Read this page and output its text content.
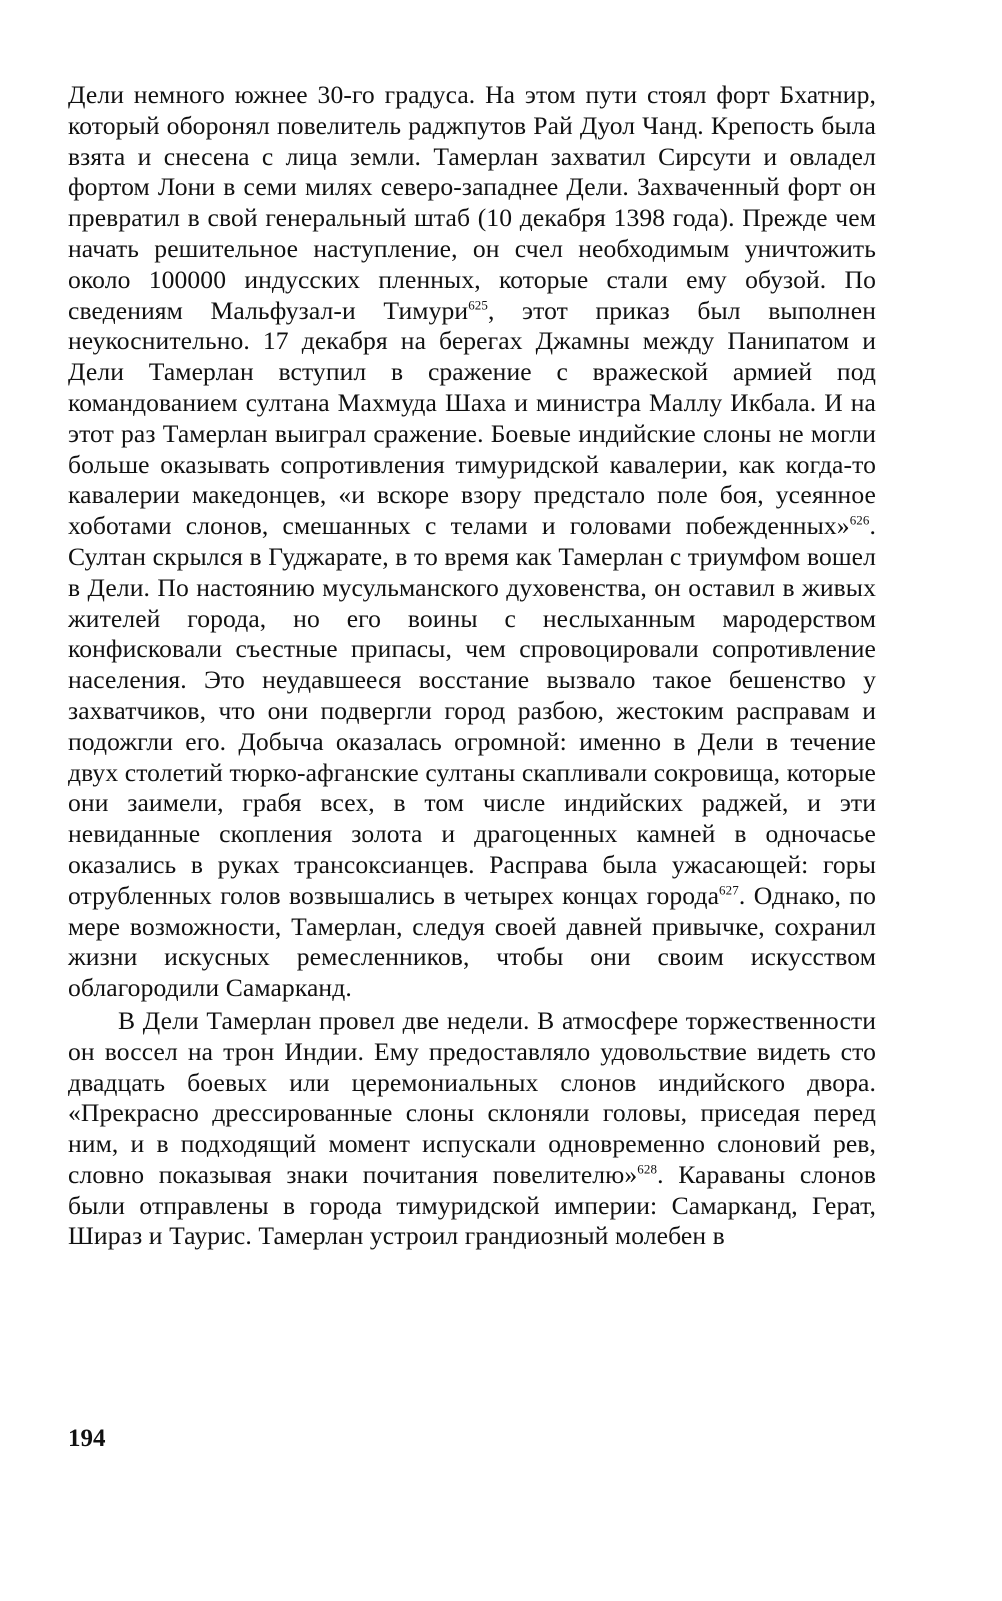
Дели немного южнее 30-го градуса. На этом пути стоял форт Бхатнир, который оборонял повелитель раджпутов Рай Дуол Чанд. Крепость была взята и снесена с лица земли. Тамерлан захватил Сирсути и овладел фортом Лони в семи милях северо-западнее Дели. Захваченный форт он превратил в свой генеральный штаб (10 декабря 1398 года). Прежде чем начать решительное наступление, он счел необходимым уничтожить около 100000 индусских пленных, которые стали ему обузой. По сведениям Мальфузал-и Тимури$^{625}$, этот приказ был выполнен неукоснительно. 17 декабря на берегах Джамны между Панипатом и Дели Тамерлан вступил в сражение с вражеской армией под командованием султана Махмуда Шаха и министра Маллу Икбала. И на этот раз Тамерлан выиграл сражение. Боевые индийские слоны не могли больше оказывать сопротивления тимуридской кавалерии, как когда-то кавалерии македонцев, «и вскоре взору предстало поле боя, усеянное хоботами слонов, смешанных с телами и головами побежденных»$^{626}$. Султан скрылся в Гуджарате, в то время как Тамерлан с триумфом вошел в Дели. По настоянию мусульманского духовенства, он оставил в живых жителей города, но его воины с неслыханным мародерством конфисковали съестные припасы, чем спровоцировали сопротивление населения. Это неудавшееся восстание вызвало такое бешенство у захватчиков, что они подвергли город разбою, жестоким расправам и подожгли его. Добыча оказалась огромной: именно в Дели в течение двух столетий тюрко-афганские султаны скапливали сокровища, которые они заимели, грабя всех, в том числе индийских раджей, и эти невиданные скопления золота и драгоценных камней в одночасье оказались в руках трансоксианцев. Расправа была ужасающей: горы отрубленных голов возвышались в четырех концах города$^{627}$. Однако, по мере возможности, Тамерлан, следуя своей давней привычке, сохранил жизни искусных ремесленников, чтобы они своим искусством облагородили Самарканд.

В Дели Тамерлан провел две недели. В атмосфере торжественности он воссел на трон Индии. Ему предоставляло удовольствие видеть сто двадцать боевых или церемониальных слонов индийского двора. «Прекрасно дрессированные слоны склоняли головы, приседая перед ним, и в подходящий момент испускали одновременно слоновий рев, словно показывая знаки почитания повелителю»$^{628}$. Караваны слонов были отправлены в города тимуридской империи: Самарканд, Герат, Шираз и Таурис. Тамерлан устроил грандиозный молебен в

194
